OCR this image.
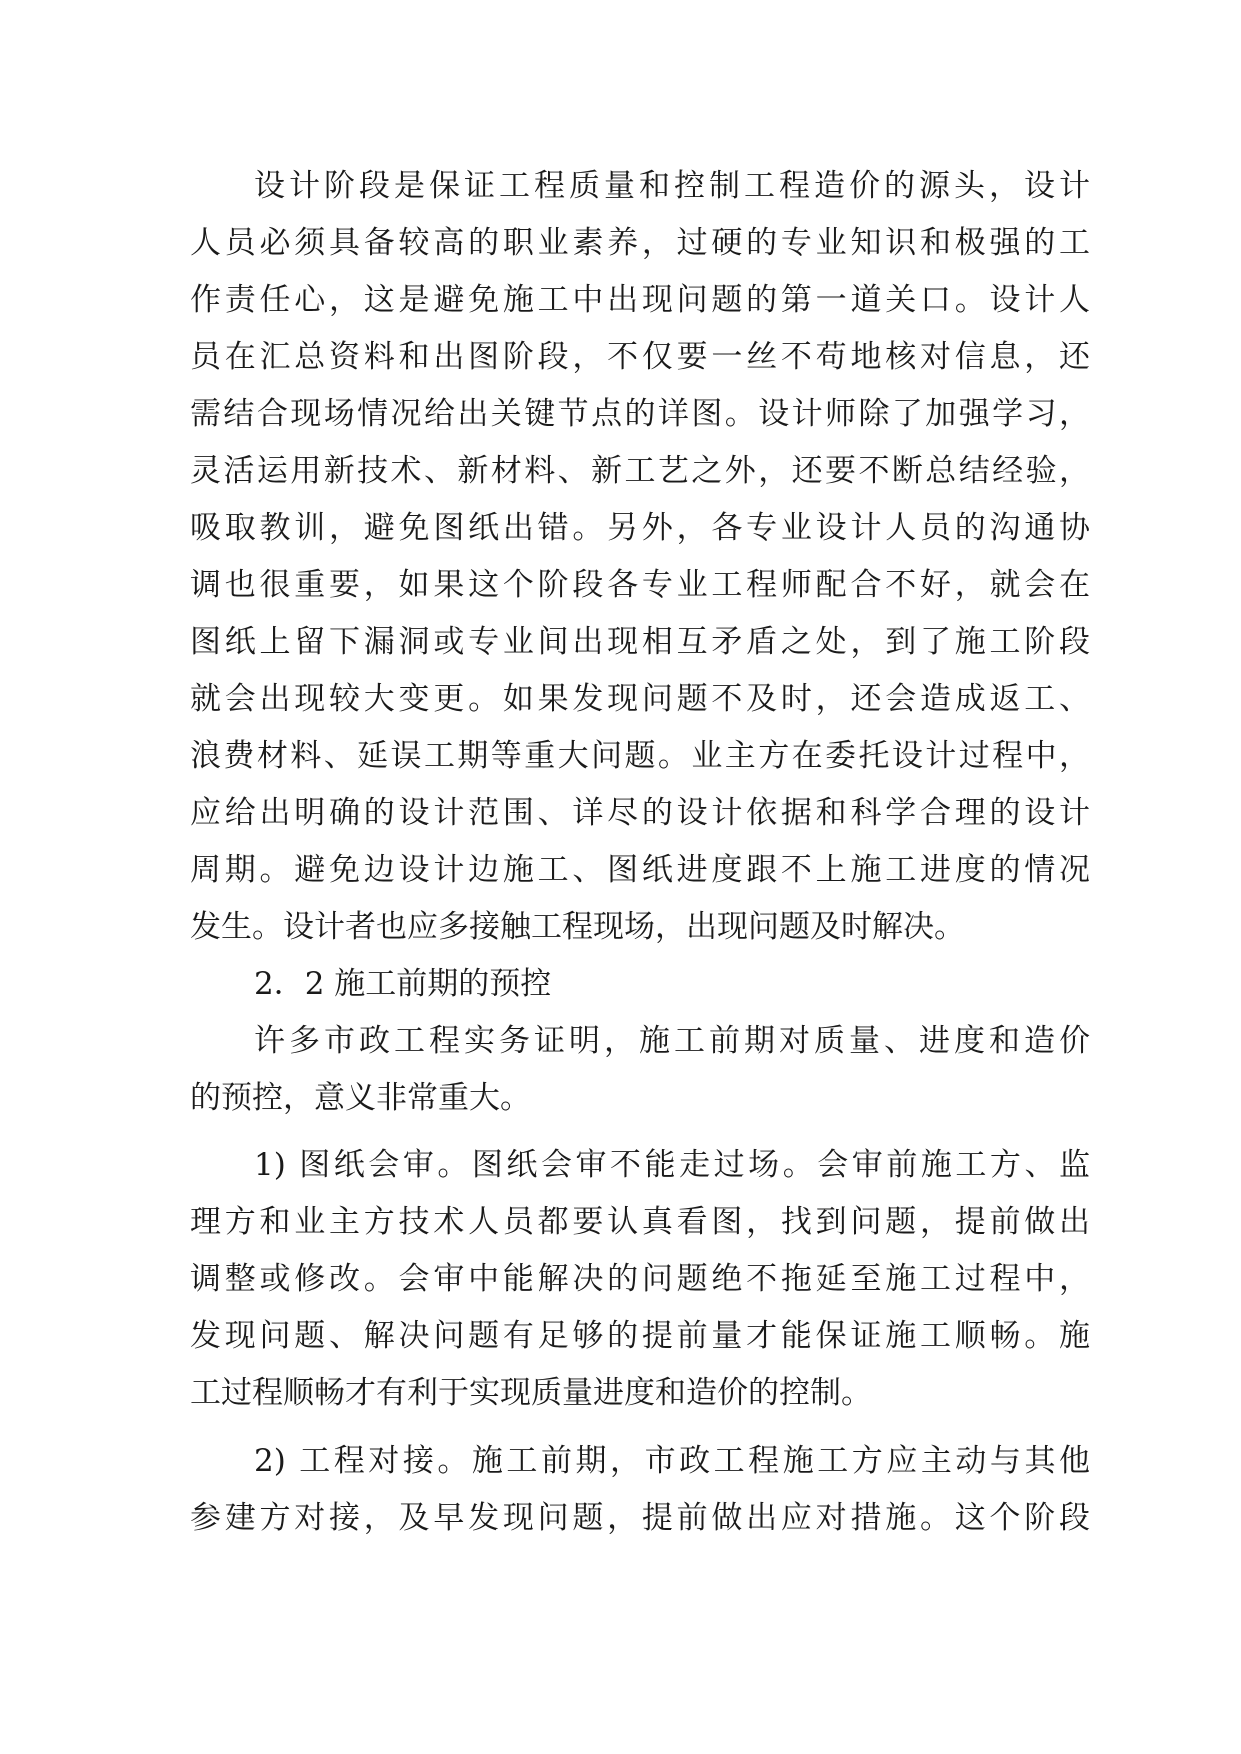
设计阶段是保证工程质量和控制工程造价的源头，设计
人员必须具备较高的职业素养，过硬的专业知识和极强的工
作责任心，这是避免施工中出现问题的第一道关口。设计人
员在汇总资料和出图阶段，不仅要一丝不苟地核对信息，还
需结合现场情况给出关键节点的详图。设计师除了加强学习，
灵活运用新技术、新材料、新工艺之外，还要不断总结经验，
吸取教训，避免图纸出错。另外，各专业设计人员的沟通协
调也很重要，如果这个阶段各专业工程师配合不好，就会在
图纸上留下漏洞或专业间出现相互矛盾之处，到了施工阶段
就会出现较大变更。如果发现问题不及时，还会造成返工、
浪费材料、延误工期等重大问题。业主方在委托设计过程中，
应给出明确的设计范围、详尽的设计依据和科学合理的设计
周期。避免边设计边施工、图纸进度跟不上施工进度的情况
发生。设计者也应多接触工程现场，出现问题及时解决。
2．2 施工前期的预控
许多市政工程实务证明，施工前期对质量、进度和造价
的预控，意义非常重大。
1) 图纸会审。图纸会审不能走过场。会审前施工方、监
理方和业主方技术人员都要认真看图，找到问题，提前做出
调整或修改。会审中能解决的问题绝不拖延至施工过程中，
发现问题、解决问题有足够的提前量才能保证施工顺畅。施
工过程顺畅才有利于实现质量进度和造价的控制。
2) 工程对接。施工前期，市政工程施工方应主动与其他
参建方对接，及早发现问题，提前做出应对措施。这个阶段
